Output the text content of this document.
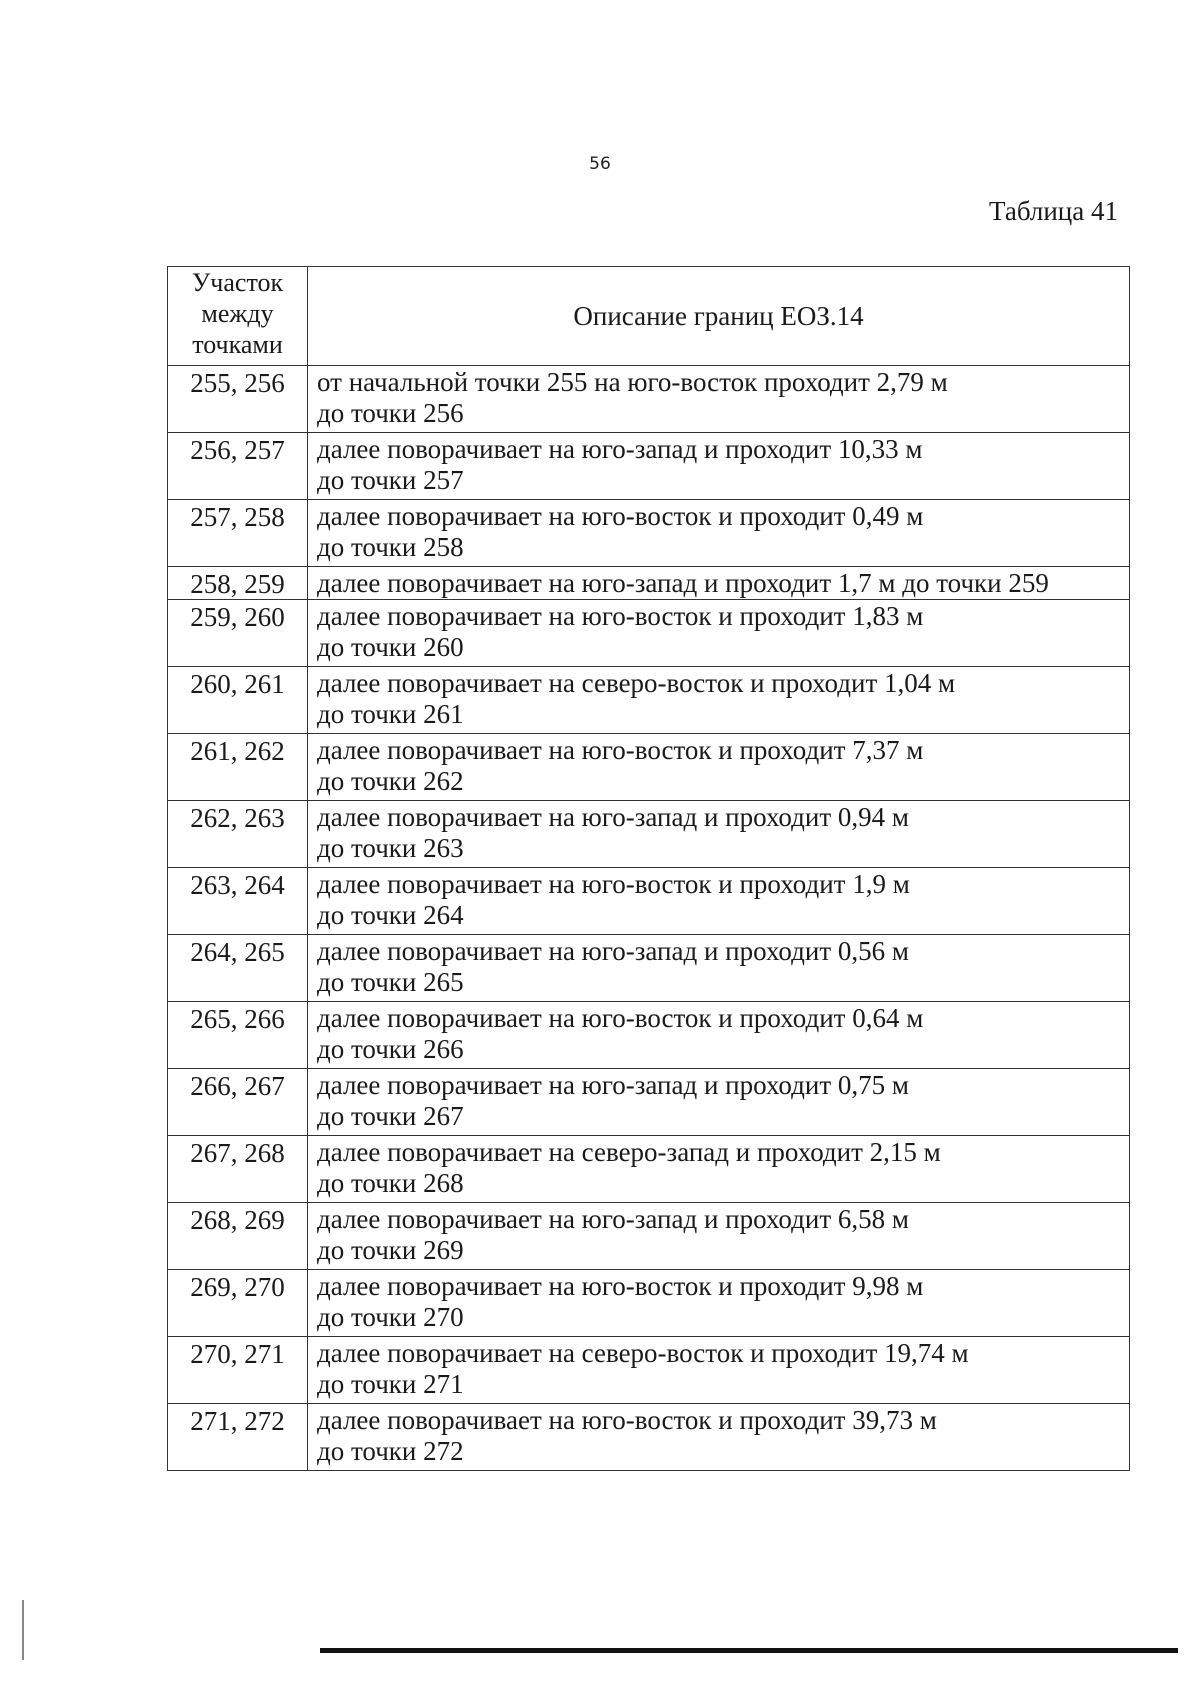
56
Таблица 41
Участок
между
точками	Описание границ ЕОЗ.14
255, 256	от начальной точки 255 на юго-восток проходит 2,79 м
до точки 256

256, 257	далее поворачивает на юго-запад и проходит 10,33 м
до точки 257

257, 258	далее поворачивает на юго-восток и проходит 0,49 м
до точки 258

258, 259	далее поворачивает на юго-запад и проходит 1,7 м до точки 259

259, 260	далее поворачивает на юго-восток и проходит 1,83 м
до точки 260

260, 261	далее поворачивает на северо-восток и проходит 1,04 м
до точки 261

261, 262	далее поворачивает на юго-восток и проходит 7,37 м
до точки 262

262, 263	далее поворачивает на юго-запад и проходит 0,94 м
до точки 263

263, 264	далее поворачивает на юго-восток и проходит 1,9 м
до точки 264

264, 265	далее поворачивает на юго-запад и проходит 0,56 м
до точки 265

265, 266	далее поворачивает на юго-восток и проходит 0,64 м
до точки 266

266, 267	далее поворачивает на юго-запад и проходит 0,75 м
до точки 267

267, 268	далее поворачивает на северо-запад и проходит 2,15 м
до точки 268

268, 269	далее поворачивает на юго-запад и проходит 6,58 м
до точки 269

269, 270	далее поворачивает на юго-восток и проходит 9,98 м
до точки 270

270, 271	далее поворачивает на северо-восток и проходит 19,74 м
до точки 271

271, 272	далее поворачивает на юго-восток и проходит 39,73 м
до точки 272
